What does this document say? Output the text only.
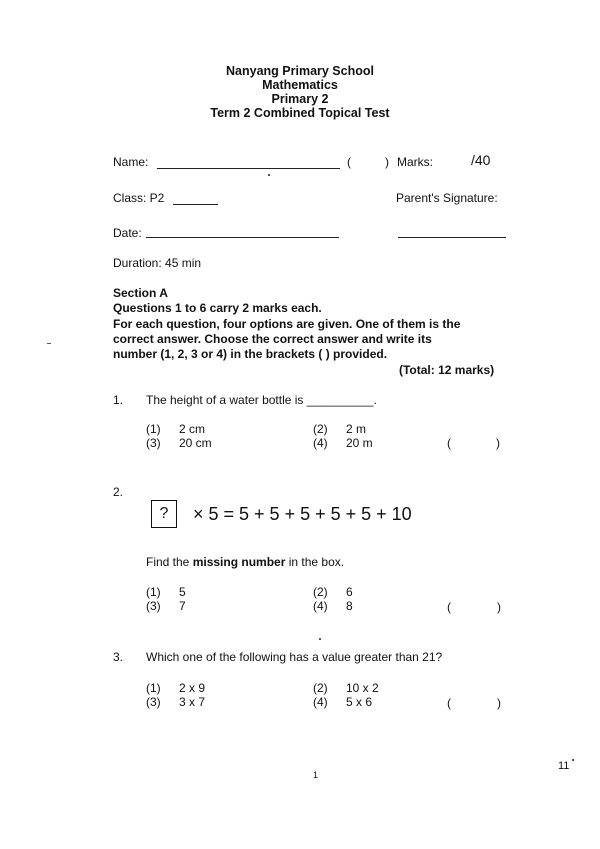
Nanyang Primary School
Mathematics
Primary 2
Term 2 Combined Topical Test
Name:	(	) Marks:	/40
Class: P2	Parent's Signature:
Date:
Duration: 45 min
Section A
Questions 1 to 6 carry 2 marks each.
For each question, four options are given. One of them is the
correct answer. Choose the correct answer and write its
number (1, 2, 3 or 4) in the brackets ( ) provided.
(Total: 12 marks)
1. The height of a water bottle is __________.
(1) 2 cm	(2) 2 m
(3) 20 cm	(4) 20 m	(	)
2.
?	× 5 = 5 + 5 + 5 + 5 + 5 + 10
Find the missing number in the box.
(1) 5	(2) 6
(3) 7	(4) 8	(	)
3. Which one of the following has a value greater than 21?
(1) 2 x 9	(2) 10 x 2
(3) 3 x 7	(4) 5 x 6	(	)
1
11
